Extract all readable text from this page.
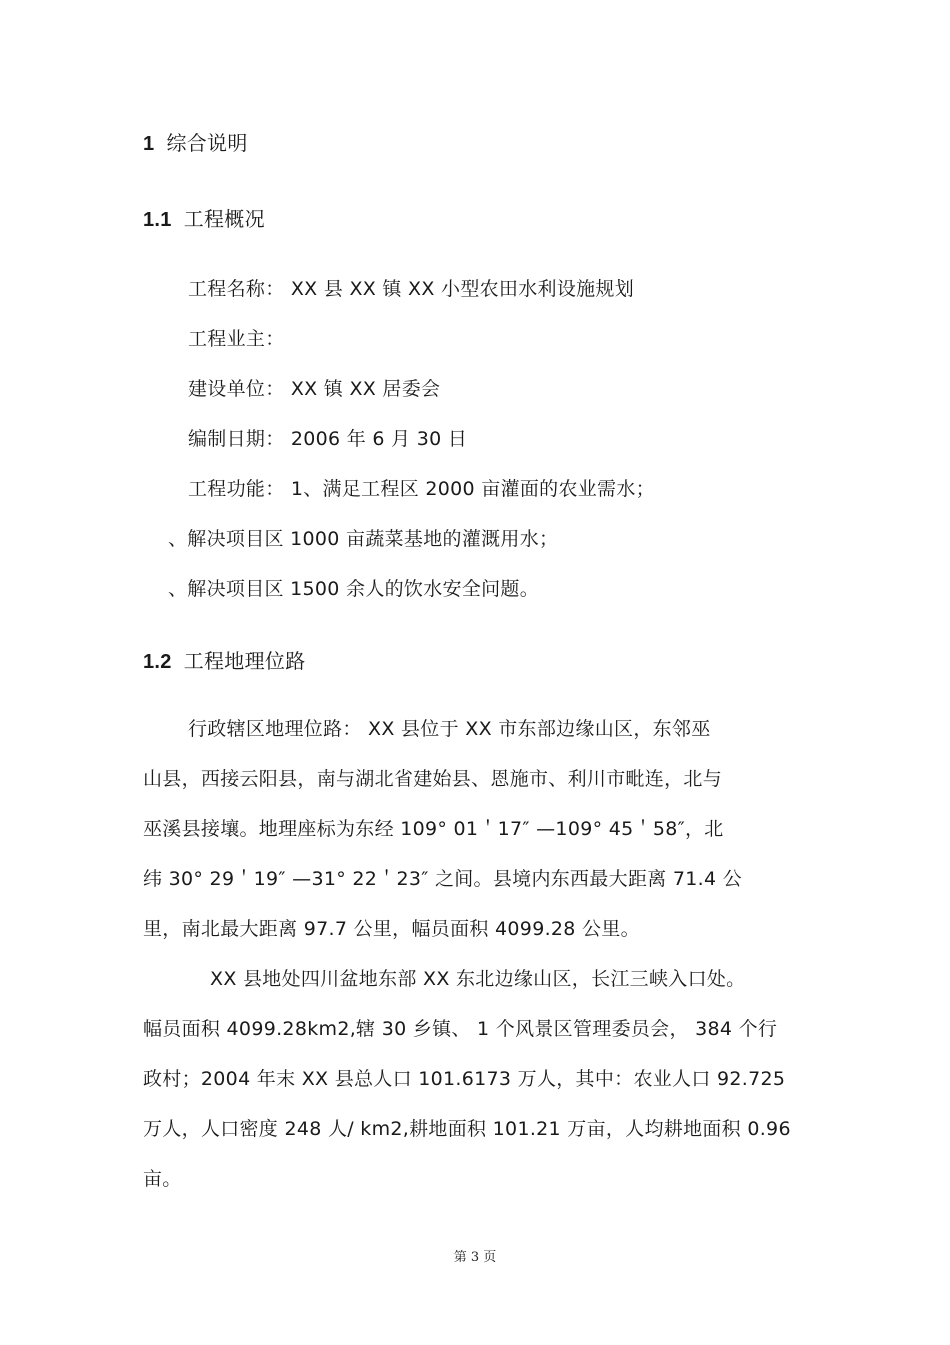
1 综合说明
1.1 工程概况
工程名称： XX 县 XX 镇 XX 小型农田水利设施规划
工程业主：
建设单位： XX 镇 XX 居委会
编制日期： 2006 年 6 月 30 日
工程功能： 1、满足工程区 2000 亩灌面的农业需水；
、解决项目区 1000 亩蔬菜基地的灌溉用水；
、解决项目区 1500 余人的饮水安全问题。
1.2 工程地理位路
行政辖区地理位路： XX 县位于 XX 市东部边缘山区，东邻巫
山县，西接云阳县，南与湖北省建始县、恩施市、利川市毗连，北与
巫溪县接壤。地理座标为东经 109° 01＇17″ —109° 45＇58″，北
纬 30° 29＇19″ —31° 22＇23″ 之间。县境内东西最大距离 71.4 公
里，南北最大距离 97.7 公里，幅员面积 4099.28 公里。
XX 县地处四川盆地东部 XX 东北边缘山区，长江三峡入口处。
幅员面积 4099.28km2,辖 30 乡镇、 1 个风景区管理委员会， 384 个行
政村；2004 年末 XX 县总人口 101.6173 万人，其中：农业人口 92.725
万人，人口密度 248 人/ km2,耕地面积 101.21 万亩，人均耕地面积 0.96
亩。
第 3 页
